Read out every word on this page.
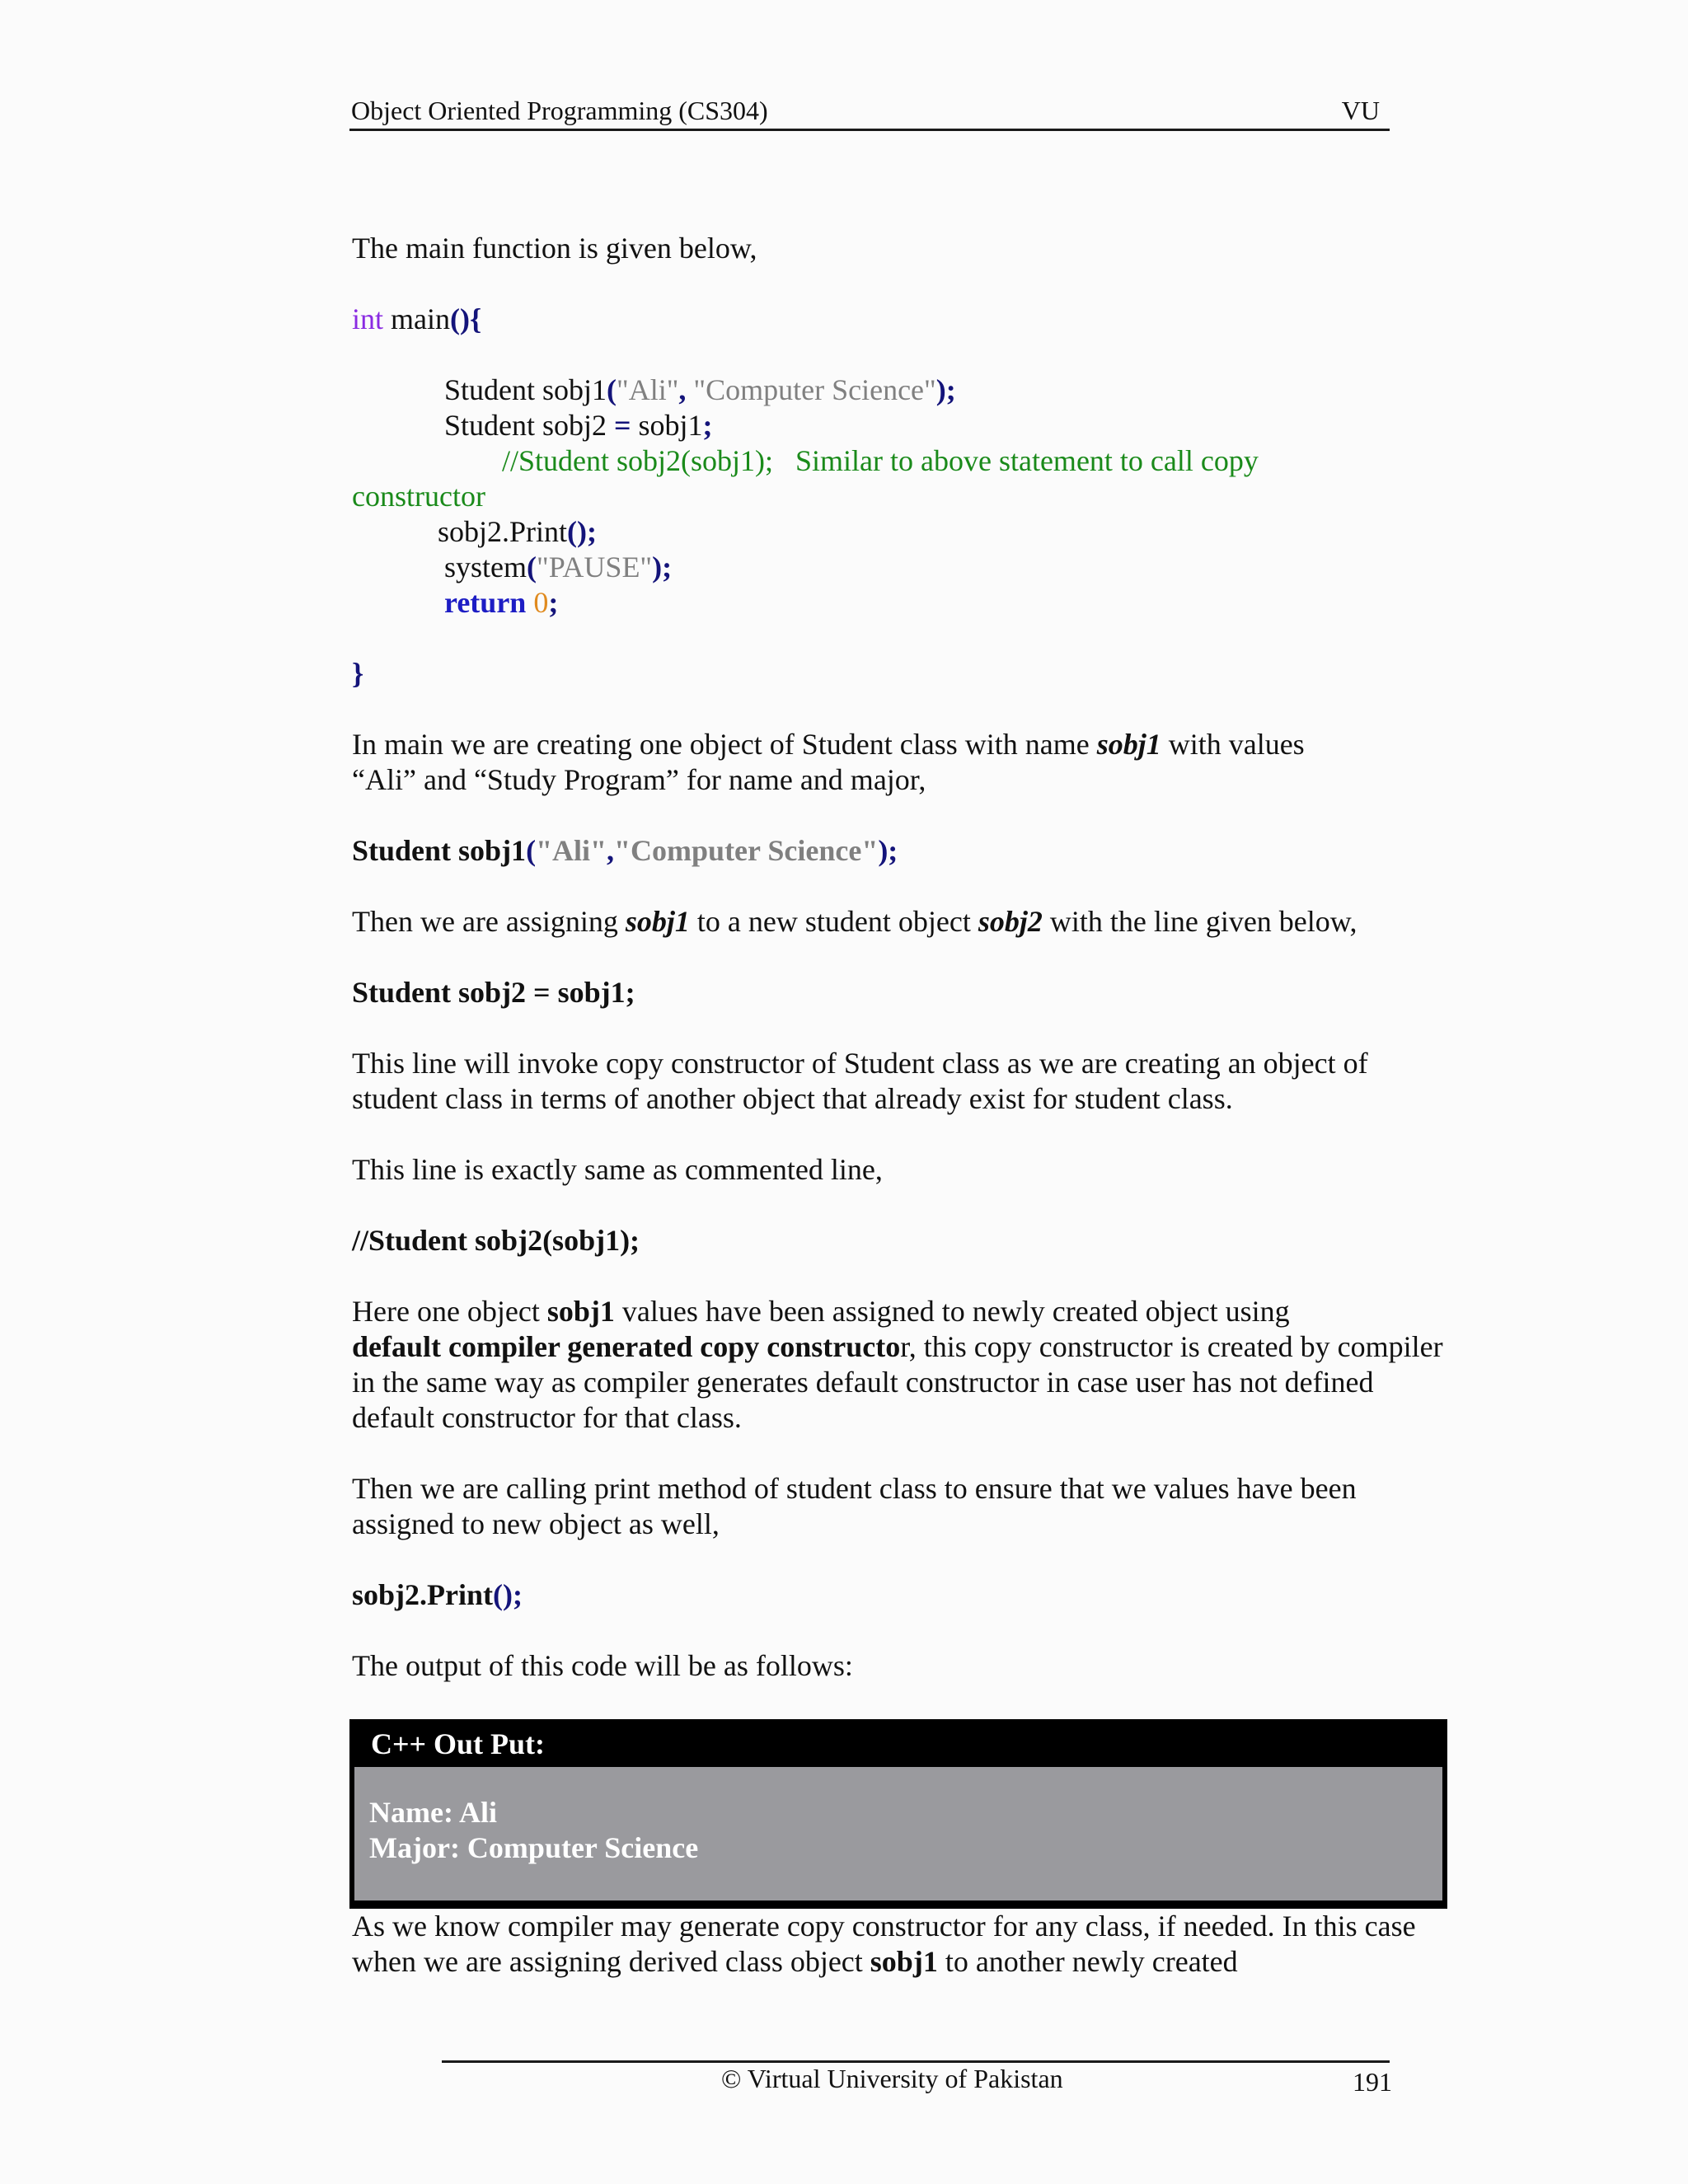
Object Oriented Programming (CS304)	VU

The main function is given below,

int main(){

Student sobj1("Ali", "Computer Science");
Student sobj2 = sobj1;
//Student sobj2(sobj1);   Similar to above statement to call copy
constructor
sobj2.Print();
system("PAUSE");
return 0;

}

In main we are creating one object of Student class with name sobj1 with values
“Ali” and “Study Program” for name and major,

Student sobj1("Ali","Computer Science");

Then we are assigning sobj1 to a new student object sobj2 with the line given below,

Student sobj2 = sobj1;

This line will invoke copy constructor of Student class as we are creating an object of student class in terms of another object that already exist for student class.

This line is exactly same as commented line,

//Student sobj2(sobj1);

Here one object sobj1 values have been assigned to newly created object using
default compiler generated copy constructor, this copy constructor is created by compiler in the same way as compiler generates default constructor in case user has not defined default constructor for that class.

Then we are calling print method of student class to ensure that we values have been assigned to new object as well,

sobj2.Print();

The output of this code will be as follows:

C++ Out Put:
Name: Ali
Major: Computer Science
As we know compiler may generate copy constructor for any class, if needed. In this case when we are assigning derived class object sobj1 to another newly created
© Virtual University of Pakistan	191
